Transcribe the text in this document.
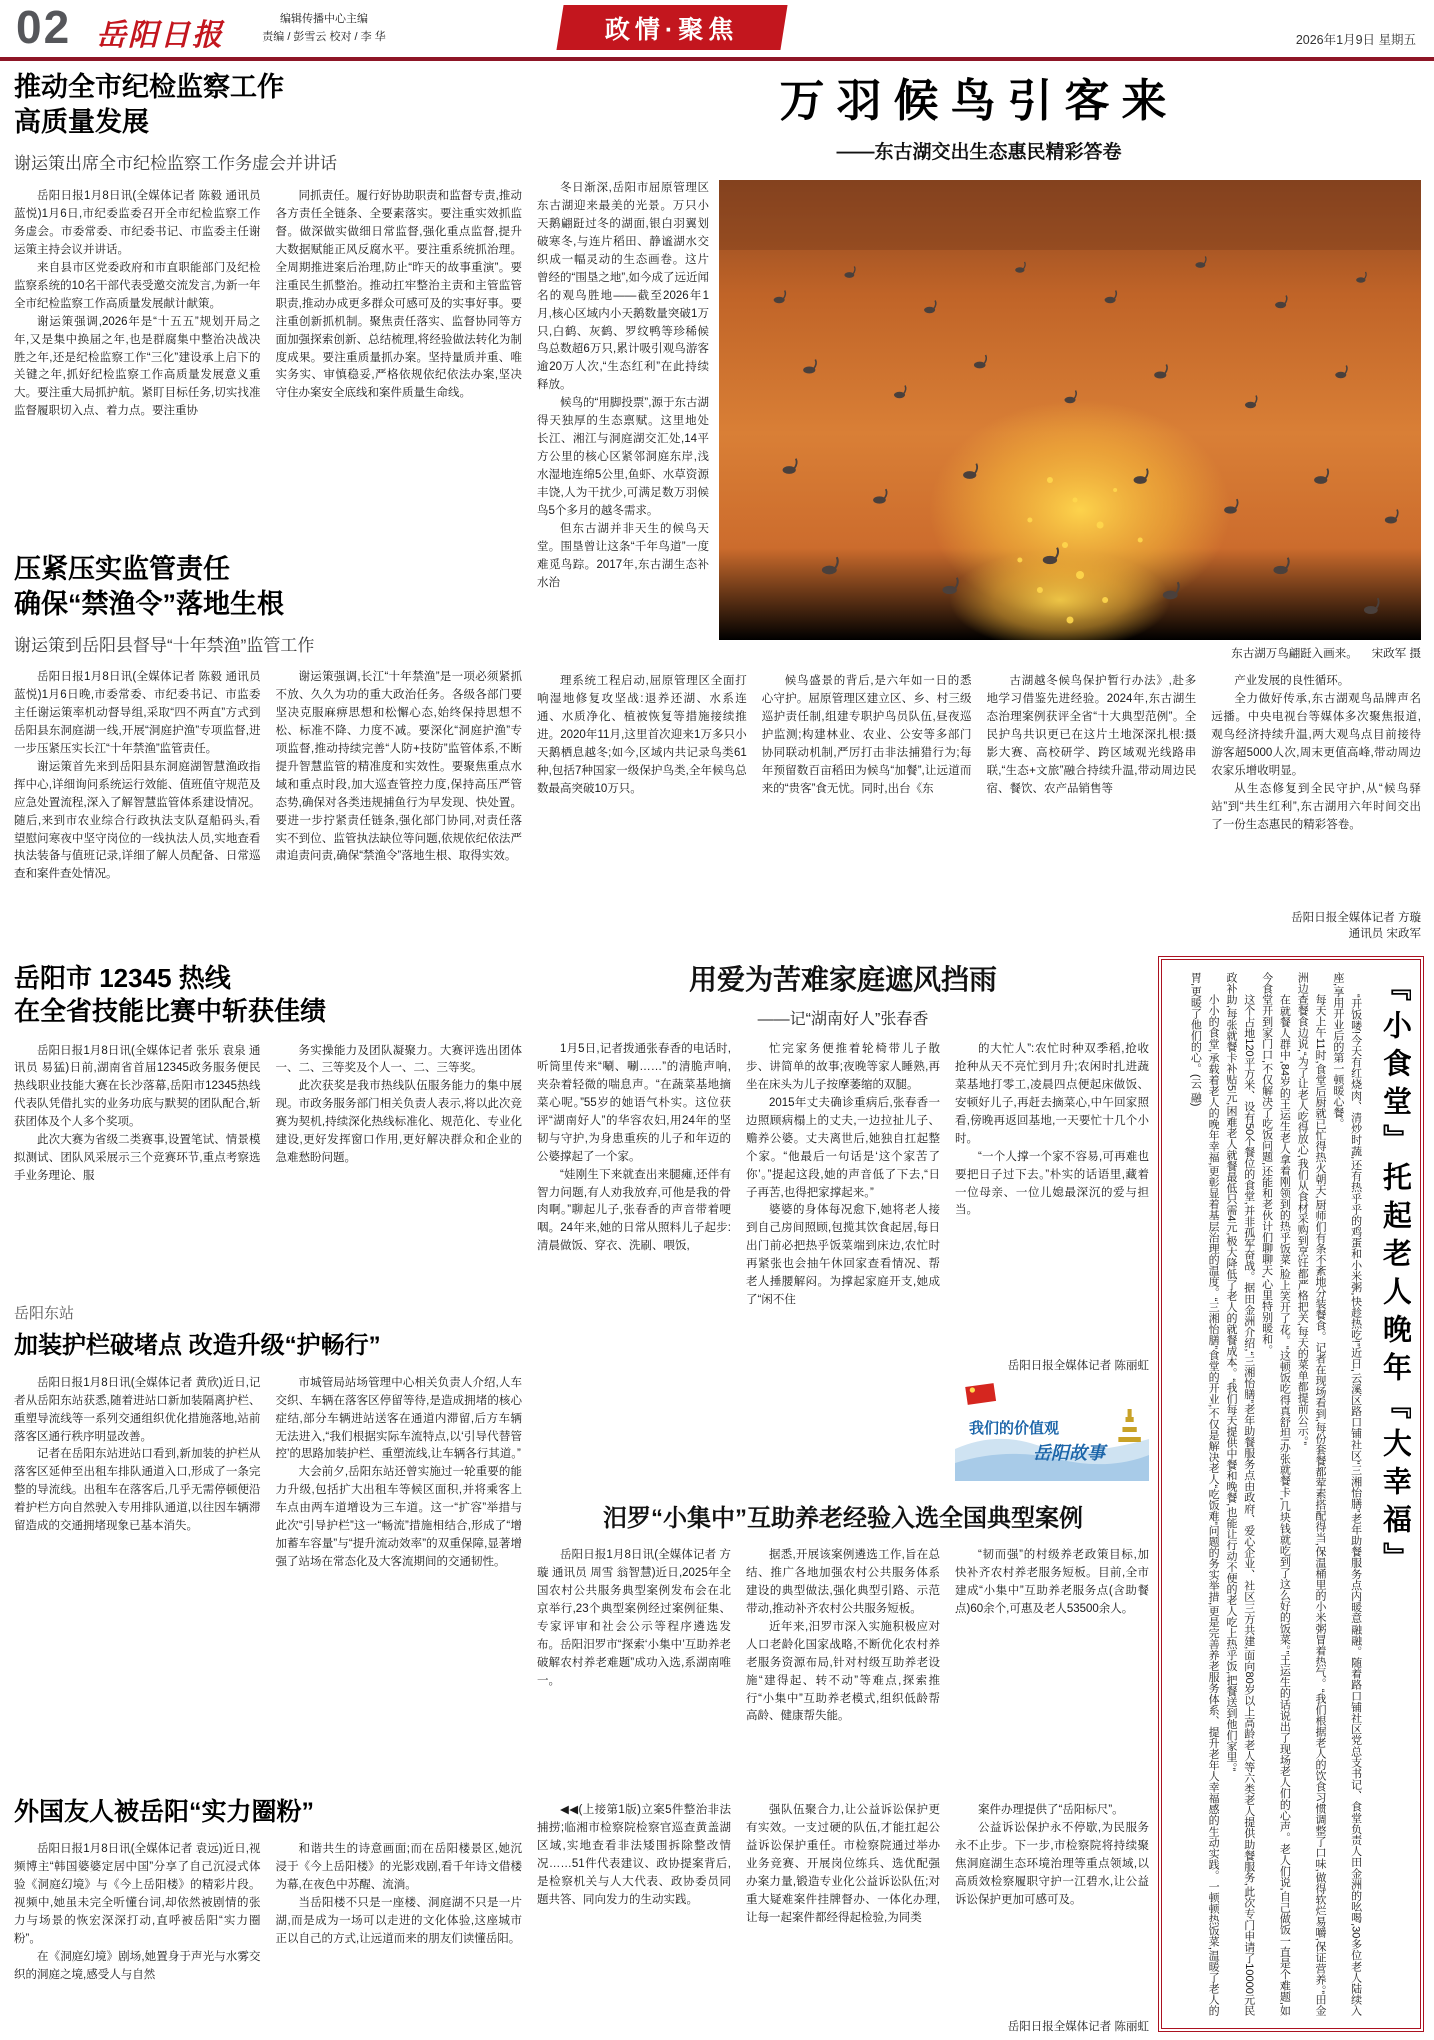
02 岳阳日报	编辑传播中心主编
责编 / 彭雪云 校对 / 李 华	政情·聚焦	2026年1月9日 星期五
推动全市纪检监察工作
高质量发展
谢运策出席全市纪检监察工作务虚会并讲话

岳阳日报1月8日讯(全媒体记者 陈毅 通讯员 蓝悦)1月6日,市纪委监委召开全市纪检监察工作务虚会。市委常委、市纪委书记、市监委主任谢运策主持会议并讲话。

来自县市区党委政府和市直职能部门及纪检监察系统的10名干部代表受邀交流发言,为新一年全市纪检监察工作高质量发展献计献策。

谢运策强调,2026年是“十五五”规划开局之年,又是集中换届之年,也是群腐集中整治决战决胜之年,还是纪检监察工作“三化”建设承上启下的关键之年,抓好纪检监察工作高质量发展意义重大。要注重大局抓护航。紧盯目标任务,切实找准监督履职切入点、着力点。要注重协

同抓责任。履行好协助职责和监督专责,推动各方责任全链条、全要素落实。要注重实效抓监督。做深做实做细日常监督,强化重点监督,提升大数据赋能正风反腐水平。要注重系统抓治理。全周期推进案后治理,防止“昨天的故事重演”。要注重民生抓整治。推动扛牢整治主责和主管监管职责,推动办成更多群众可感可及的实事好事。要注重创新抓机制。聚焦责任落实、监督协同等方面加强探索创新、总结梳理,将经验做法转化为制度成果。要注重质量抓办案。坚持量质并重、唯实务实、审慎稳妥,严格依规依纪依法办案,坚决守住办案安全底线和案件质量生命线。

压紧压实监管责任
确保“禁渔令”落地生根
谢运策到岳阳县督导“十年禁渔”监管工作

岳阳日报1月8日讯(全媒体记者 陈毅 通讯员 蓝悦)1月6日晚,市委常委、市纪委书记、市监委主任谢运策率机动督导组,采取“四不两直”方式到岳阳县东洞庭湖一线,开展“洞庭护渔”专项监督,进一步压紧压实长江“十年禁渔”监管责任。

谢运策首先来到岳阳县东洞庭湖智慧渔政指挥中心,详细询问系统运行效能、值班值守规范及应急处置流程,深入了解智慧监管体系建设情况。随后,来到市农业综合行政执法支队趸船码头,看望慰问寒夜中坚守岗位的一线执法人员,实地查看执法装备与值班记录,详细了解人员配备、日常巡查和案件查处情况。

谢运策强调,长江“十年禁渔”是一项必须紧抓不放、久久为功的重大政治任务。各级各部门要坚决克服麻痹思想和松懈心态,始终保持思想不松、标准不降、力度不减。要深化“洞庭护渔”专项监督,推动持续完善“人防+技防”监管体系,不断提升智慧监管的精准度和实效性。要聚焦重点水域和重点时段,加大巡查管控力度,保持高压严管态势,确保对各类违规捕鱼行为早发现、快处置。要进一步拧紧责任链条,强化部门协同,对责任落实不到位、监管执法缺位等问题,依规依纪依法严肃追责问责,确保“禁渔令”落地生根、取得实效。

岳阳市 12345 热线
在全省技能比赛中斩获佳绩

岳阳日报1月8日讯(全媒体记者 张乐 袁泉 通讯员 易猛)日前,湖南省首届12345政务服务便民热线职业技能大赛在长沙落幕,岳阳市12345热线代表队凭借扎实的业务功底与默契的团队配合,斩获团体及个人多个奖项。

此次大赛为省级二类赛事,设置笔试、情景模拟测试、团队风采展示三个竞赛环节,重点考察选手业务理论、服

务实操能力及团队凝聚力。大赛评选出团体一、二、三等奖及个人一、二、三等奖。

此次获奖是我市热线队伍服务能力的集中展现。市政务服务部门相关负责人表示,将以此次竞赛为契机,持续深化热线标准化、规范化、专业化建设,更好发挥窗口作用,更好解决群众和企业的急难愁盼问题。

岳阳东站
加装护栏破堵点 改造升级“护畅行”

岳阳日报1月8日讯(全媒体记者 黄欣)近日,记者从岳阳东站获悉,随着进站口新加装隔离护栏、重塑导流线等一系列交通组织优化措施落地,站前落客区通行秩序明显改善。

记者在岳阳东站进站口看到,新加装的护栏从落客区延伸至出租车排队通道入口,形成了一条完整的导流线。出租车在落客后,几乎无需停顿便沿着护栏方向自然驶入专用排队通道,以往因车辆滞留造成的交通拥堵现象已基本消失。

市城管局站场管理中心相关负责人介绍,人车交织、车辆在落客区停留等待,是造成拥堵的核心症结,部分车辆进站送客在通道内滞留,后方车辆无法进入,“我们根据实际车流特点,以‘引导代替管控’的思路加装护栏、重塑流线,让车辆各行其道。”

大会前夕,岳阳东站还曾实施过一轮重要的能力升级,包括扩大出租车等候区面积,并将乘客上车点由两车道增设为三车道。这一“扩容”举措与此次“引导护栏”这一“畅流”措施相结合,形成了“增加蓄车容量”与“提升流动效率”的双重保障,显著增强了站场在常态化及大客流期间的交通韧性。

外国友人被岳阳“实力圈粉”

岳阳日报1月8日讯(全媒体记者 袁远)近日,视频博主“韩国婆婆定居中国”分享了自己沉浸式体验《洞庭幻境》与《今上岳阳楼》的精彩片段。视频中,她虽未完全听懂台词,却依然被剧情的张力与场景的恢宏深深打动,直呼被岳阳“实力圈粉”。

在《洞庭幻境》剧场,她置身于声光与水雾交织的洞庭之境,感受人与自然

和谐共生的诗意画面;而在岳阳楼景区,她沉浸于《今上岳阳楼》的光影戏剧,看千年诗文借楼为幕,在夜色中苏醒、流淌。

当岳阳楼不只是一座楼、洞庭湖不只是一片湖,而是成为一场可以走进的文化体验,这座城市正以自己的方式,让远道而来的朋友们读懂岳阳。

万羽候鸟引客来
——东古湖交出生态惠民精彩答卷

冬日渐深,岳阳市屈原管理区东古湖迎来最美的光景。万只小天鹅翩跹过冬的湖面,银白羽翼划破寒冬,与连片稻田、静谧湖水交织成一幅灵动的生态画卷。这片曾经的“围垦之地”,如今成了远近闻名的观鸟胜地——截至2026年1月,核心区域内小天鹅数量突破1万只,白鹤、灰鹤、罗纹鸭等珍稀候鸟总数超6万只,累计吸引观鸟游客逾20万人次,“生态红利”在此持续释放。

候鸟的“用脚投票”,源于东古湖得天独厚的生态禀赋。这里地处长江、湘江与洞庭湖交汇处,14平方公里的核心区紧邻洞庭东岸,浅水湿地连绵5公里,鱼虾、水草资源丰饶,人为干扰少,可满足数万羽候鸟5个多月的越冬需求。

但东古湖并非天生的候鸟天堂。围垦曾让这条“千年鸟道”一度难觅鸟踪。2017年,东古湖生态补水治

东古湖万鸟翩跹入画来。 宋政军 摄

理系统工程启动,屈原管理区全面打响湿地修复攻坚战:退养还湖、水系连通、水质净化、植被恢复等措施接续推进。2020年11月,这里首次迎来1万多只小天鹅栖息越冬;如今,区域内共记录鸟类61种,包括7种国家一级保护鸟类,全年候鸟总数最高突破10万只。

候鸟盛景的背后,是六年如一日的悉心守护。屈原管理区建立区、乡、村三级巡护责任制,组建专职护鸟员队伍,昼夜巡护监测;构建林业、农业、公安等多部门协同联动机制,严厉打击非法捕猎行为;每年预留数百亩稻田为候鸟“加餐”,让远道而来的“贵客”食无忧。同时,出台《东

古湖越冬候鸟保护暂行办法》,赴多地学习借鉴先进经验。2024年,东古湖生态治理案例获评全省“十大典型范例”。全民护鸟共识更已在这片土地深深扎根:摄影大赛、高校研学、跨区域观光线路串联,“生态+文旅”融合持续升温,带动周边民宿、餐饮、农产品销售等

产业发展的良性循环。

全力做好传承,东古湖观鸟品牌声名远播。中央电视台等媒体多次聚焦报道,观鸟经济持续升温,两大观鸟点目前接待游客超5000人次,周末更值高峰,带动周边农家乐增收明显。

从生态修复到全民守护,从“候鸟驿站”到“共生红利”,东古湖用六年时间交出了一份生态惠民的精彩答卷。

岳阳日报全媒体记者 方璇
通讯员 宋政军
用爱为苦难家庭遮风挡雨
——记“湖南好人”张春香

1月5日,记者拨通张春香的电话时,听筒里传来“唰、唰……”的清脆声响,夹杂着轻微的喘息声。“在蔬菜基地摘菜心呢。”55岁的她语气朴实。这位获评“湖南好人”的华容农妇,用24年的坚韧与守护,为身患重疾的儿子和年迈的公婆撑起了一个家。

“娃刚生下来就查出来腿瘫,还伴有智力问题,有人劝我放弃,可他是我的骨肉啊。”聊起儿子,张春香的声音带着哽咽。24年来,她的日常从照料儿子起步:清晨做饭、穿衣、洗刷、喂饭,

忙完家务便推着轮椅带儿子散步、讲简单的故事;夜晚等家人睡熟,再坐在床头为儿子按摩萎缩的双腿。

2015年丈夫确诊重病后,张春香一边照顾病榻上的丈夫,一边拉扯儿子、赡养公婆。丈夫离世后,她独自扛起整个家。“他最后一句话是‘这个家苦了你’。”提起这段,她的声音低了下去,“日子再苦,也得把家撑起来。”

婆婆的身体每况愈下,她将老人接到自己房间照顾,包揽其饮食起居,每日出门前必把热乎饭菜端到床边,农忙时再紧张也会抽午休回家查看情况、帮老人捶腰解闷。为撑起家庭开支,她成了“闲不住

的大忙人”:农忙时种双季稻,抢收抢种从天不亮忙到月升;农闲时扎进蔬菜基地打零工,凌晨四点便起床做饭、安顿好儿子,再赶去摘菜心,中午回家照看,傍晚再返回基地,一天要忙十几个小时。

“一个人撑一个家不容易,可再难也要把日子过下去。”朴实的话语里,藏着一位母亲、一位儿媳最深沉的爱与担当。

岳阳日报全媒体记者 陈丽虹
我们的价值观
岳阳故事
汨罗“小集中”互助养老经验入选全国典型案例

岳阳日报1月8日讯(全媒体记者 方璇 通讯员 周雪 翁智慧)近日,2025年全国农村公共服务典型案例发布会在北京举行,23个典型案例经过案例征集、专家评审和社会公示等程序遴选发布。岳阳汨罗市“探索‘小集中’互助养老破解农村养老难题”成功入选,系湖南唯一。

据悉,开展该案例遴选工作,旨在总结、推广各地加强农村公共服务体系建设的典型做法,强化典型引路、示范带动,推动补齐农村公共服务短板。

近年来,汨罗市深入实施积极应对人口老龄化国家战略,不断优化农村养老服务资源布局,针对村级互助养老设施“建得起、转不动”等难点,探索推行“小集中”互助养老模式,组织低龄帮高龄、健康帮失能。

“韧而强”的村级养老政策目标,加快补齐农村养老服务短板。目前,全市建成“小集中”互助养老服务点(含助餐点)60余个,可惠及老人53500余人。

◀◀(上接第1版)立案5件整治非法捕捞;临湘市检察院检察官巡查黄盖湖区域,实地查看非法矮围拆除整改情况……51件代表建议、政协提案背后,是检察机关与人大代表、政协委员同题共答、同向发力的生动实践。

强队伍聚合力,让公益诉讼保护更有实效。一支过硬的队伍,才能扛起公益诉讼保护重任。市检察院通过举办业务竞赛、开展岗位练兵、选优配强办案力量,锻造专业化公益诉讼队伍;对重大疑难案件挂牌督办、一体化办理,让每一起案件都经得起检验,为同类

案件办理提供了“岳阳标尺”。

公益诉讼保护永不停歇,为民服务永不止步。下一步,市检察院将持续聚焦洞庭湖生态环境治理等重点领域,以高质效检察履职守护一江碧水,让公益诉讼保护更加可感可及。

岳阳日报全媒体记者 陈丽虹
『小食堂』托起老人晚年『大幸福』

“开饭喽!今天有红烧肉、清炒时蔬,还有热乎乎的鸡蛋和小米粥,快趁热吃!”近日,云溪区路口铺社区“三湘怡膳”老年助餐服务点内暖意融融。随着路口铺社区党总支书记、食堂负责人田金洲的吆喝,30多位老人陆续入座,享用开业后的第一顿暖心餐。

每天上午11时,食堂后厨就已忙得热火朝天,厨师们有条不紊地分装餐食。记者在现场看到,每份套餐都荤素搭配得当,保温桶里的小米粥冒着热气。“我们根据老人的饮食习惯调整了口味,做得软烂易嚼,保证营养。”田金洲边查餐食边说,“为了让老人吃得放心,我们从食材采购到烹饪都严格把关,每天的菜单都提前公示。”

在就餐人群中,84岁的王运生老人拿着刚领到的热乎饭菜,脸上笑开了花。“这顿饭吃得真舒坦!办张就餐卡,几块钱就吃到了这么好的饭菜。”王运生的话说出了现场老人们的心声。老人们说,自己做饭一直是个难题,如今食堂开到家门口,不仅解决了吃饭问题,还能和老伙计们聊聊天,心里特别暖和。

这个占地120平方米、设有50个餐位的食堂,并非孤军奋战。据田金洲介绍,“三湘怡膳”老年助餐服务点由政府、爱心企业、社区三方共建,面向80岁以上高龄老人等六类老人提供助餐服务,此次专门申请了10000元民政补助,每张就餐卡补贴5元,困难老人就餐最低只需4元,极大降低了老人的就餐成本。“我们每天提供中餐和晚餐,也能让行动不便的老人吃上热乎饭,把餐送到他们家里。”

小小的食堂,承载着老人的晚年幸福,更彰显着基层治理的温度。“三湘怡膳”食堂的开业,不仅是解决老人“吃饭难”问题的务实举措,更是完善养老服务体系、提升老年人幸福感的生动实践。一顿顿热饭菜,温暖了老人的胃,更暖了他们的心。(云 融)
